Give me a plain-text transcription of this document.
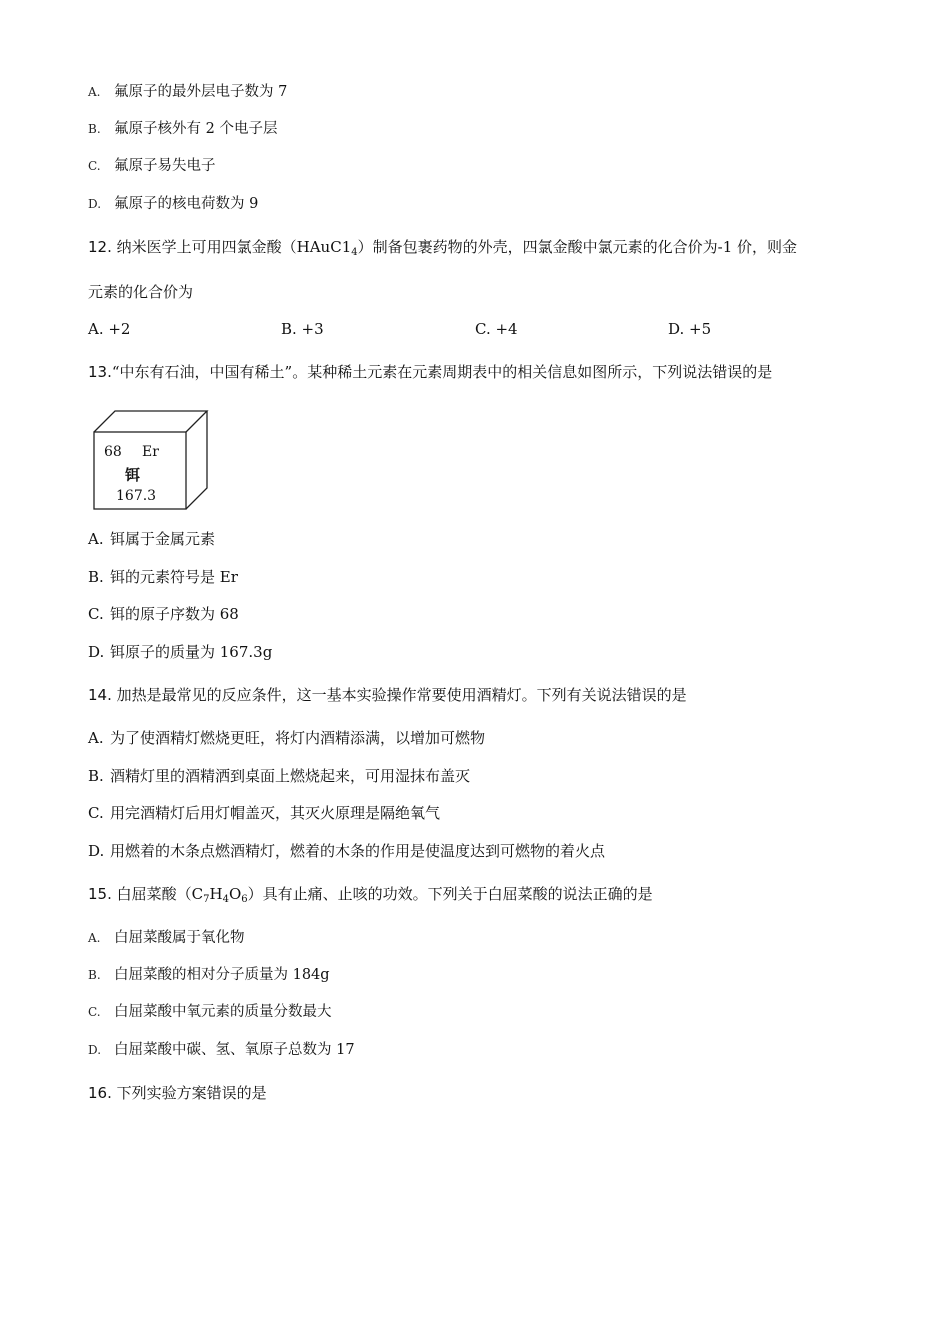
A. 氟原子的最外层电子数为 7
B. 氟原子核外有 2 个电子层
C. 氟原子易失电子
D. 氟原子的核电荷数为 9
12. 纳米医学上可用四氯金酸$(HAuC1_4)$制备包裹药物的外壳，四氯金酸中氯元素的化合价为-1 价，则金
元素的化合价为
A. +2	B. +3	C. +4	D. +5
13.“中东有石油，中国有稀土”。某种稀土元素在元素周期表中的相关信息如图所示，下列说法错误的是
68 Er
铒
167.3
A. 铒属于金属元素
B. 铒的元素符号是 Er
C. 铒的原子序数为 68
D. 铒原子的质量为 167.3g
14. 加热是最常见的反应条件，这一基本实验操作常要使用酒精灯。下列有关说法错误的是
A. 为了使酒精灯燃烧更旺，将灯内酒精添满，以增加可燃物
B. 酒精灯里的酒精洒到桌面上燃烧起来，可用湿抹布盖灭
C. 用完酒精灯后用灯帽盖灭，其灭火原理是隔绝氧气
D. 用燃着的木条点燃酒精灯，燃着的木条的作用是使温度达到可燃物的着火点
15. 白屈菜酸$(C_7H_4O_6)$具有止痛、止咳的功效。下列关于白屈菜酸的说法正确的是
A. 白屈菜酸属于氧化物
B. 白屈菜酸的相对分子质量为 184g
C. 白屈菜酸中氧元素的质量分数最大
D. 白屈菜酸中碳、氢、氧原子总数为 17
16. 下列实验方案错误的是
